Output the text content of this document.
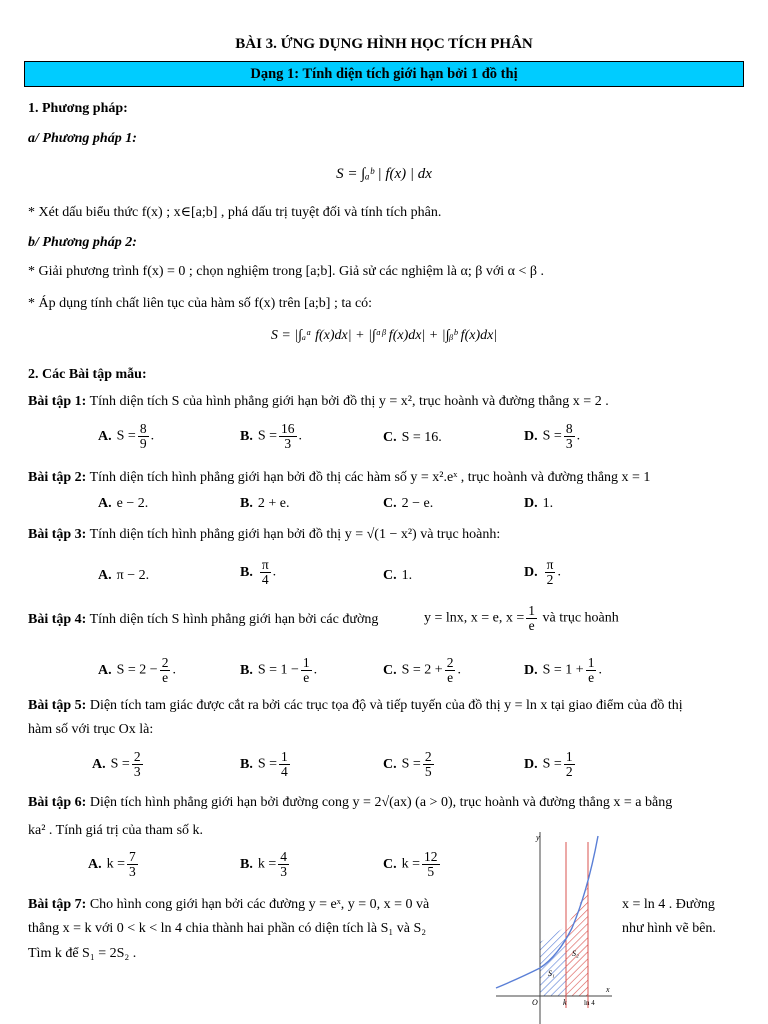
BÀI 3. ỨNG DỤNG HÌNH HỌC TÍCH PHÂN
Dạng 1: Tính diện tích giới hạn bởi 1 đồ thị
1. Phương pháp:
a/ Phương pháp 1:
S = ∫ₐᵇ | f(x) | dx
* Xét dấu biểu thức f(x) ; x∈[a;b] , phá dấu trị tuyệt đối và tính tích phân.
b/ Phương pháp 2:
* Giải phương trình f(x) = 0 ; chọn nghiệm trong [a;b]. Giả sử các nghiệm là α; β với α < β .
* Áp dụng tính chất liên tục của hàm số f(x) trên [a;b] ; ta có:
S = |∫ₐᵅ f(x)dx| + |∫ᵅᵝ f(x)dx| + |∫ᵦᵇ f(x)dx|
2. Các Bài tập mẫu:
Bài tập 1: Tính diện tích S của hình phẳng giới hạn bởi đồ thị y = x², trục hoành và đường thẳng x = 2 .
A. $S = \frac{8}{9}$ .	B. $S = \frac{16}{3}$ .	C. S = 16.	D. $S = \frac{8}{3}$ .
Bài tập 2: Tính diện tích hình phẳng giới hạn bởi đồ thị các hàm số y = x².eˣ , trục hoành và đường thẳng x = 1
A. e − 2.	B. 2 + e.	C. 2 − e.	D. 1.
Bài tập 3: Tính diện tích hình phẳng giới hạn bởi đồ thị y = √(1 − x²) và trục hoành:
A. π − 2.	B. $\frac{\pi}{4}$ .	C. 1.	D. $\frac{\pi}{2}$ .
Bài tập 4: Tính diện tích S hình phẳng giới hạn bởi các đường	y = lnx, x = e, $x = \frac{1}{e}$ và trục hoành
A. $S = 2 - \frac{2}{e}$ .	B. $S = 1 - \frac{1}{e}$ .	C. $S = 2 + \frac{2}{e}$ .	D. $S = 1 + \frac{1}{e}$ .
Bài tập 5: Diện tích tam giác được cắt ra bởi các trục tọa độ và tiếp tuyến của đồ thị y = ln x tại giao điểm của đồ thị
hàm số với trục Ox là:
A. $S = \frac{2}{3}$	B. $S = \frac{1}{4}$	C. $S = \frac{2}{5}$	D. $S = \frac{1}{2}$
Bài tập 6: Diện tích hình phẳng giới hạn bởi đường cong y = 2√(ax) (a > 0), trục hoành và đường thẳng x = a bằng
ka² . Tính giá trị của tham số k.
A. $k = \frac{7}{3}$	B. $k = \frac{4}{3}$	C. $k = \frac{12}{5}$
Bài tập 7: Cho hình cong giới hạn bởi các đường y = eˣ, y = 0, x = 0 và	x = ln 4 . Đường
thẳng x = k với 0 < k < ln 4 chia thành hai phần có diện tích là S₁ và S₂	như hình vẽ bên.
Tìm k để S₁ = 2S₂ .
y
x
O	k ln 4
S₁
S₂
